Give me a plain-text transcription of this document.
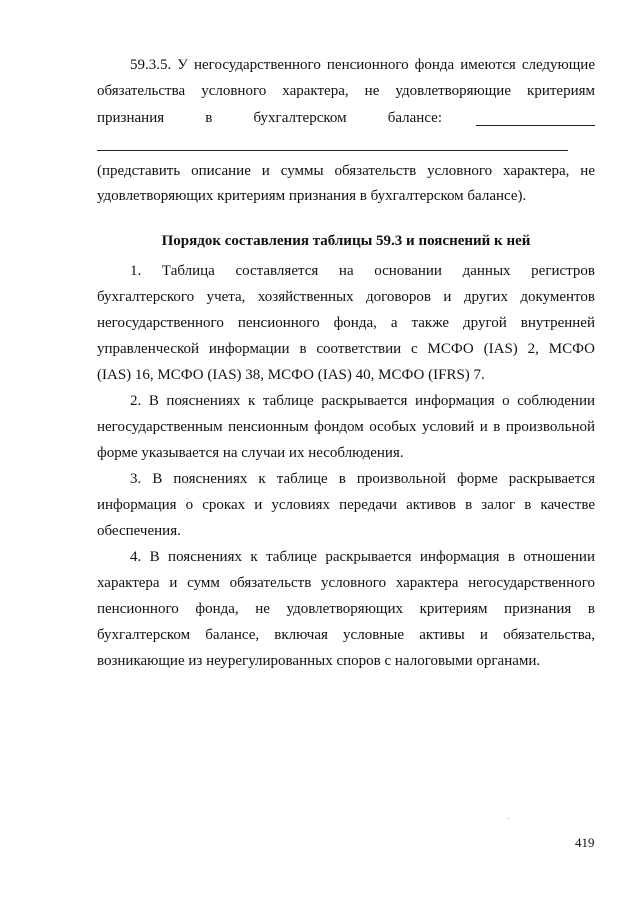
59.3.5. У негосударственного пенсионного фонда имеются следующие
обязательства условного характера, не удовлетворяющие критериям
признания в бухгалтерском балансе:
(представить описание и суммы обязательств условного характера, не
удовлетворяющих критериям признания в бухгалтерском балансе).
Порядок составления таблицы 59.3 и пояснений к ней
1. Таблица составляется на основании данных регистров
бухгалтерского учета, хозяйственных договоров и других документов
негосударственного пенсионного фонда, а также другой внутренней
управленческой информации в соответствии с МСФО (IAS) 2, МСФО
(IAS) 16, МСФО (IAS) 38, МСФО (IAS) 40, МСФО (IFRS) 7.
2. В пояснениях к таблице раскрывается информация о соблюдении
негосударственным пенсионным фондом особых условий и в произвольной
форме указывается на случаи их несоблюдения.
3. В пояснениях к таблице в произвольной форме раскрывается
информация о сроках и условиях передачи активов в залог в качестве
обеспечения.
4. В пояснениях к таблице раскрывается информация в отношении
характера и сумм обязательств условного характера негосударственного
пенсионного фонда, не удовлетворяющих критериям признания в
бухгалтерском балансе, включая условные активы и обязательства,
возникающие из неурегулированных споров с налоговыми органами.
419
